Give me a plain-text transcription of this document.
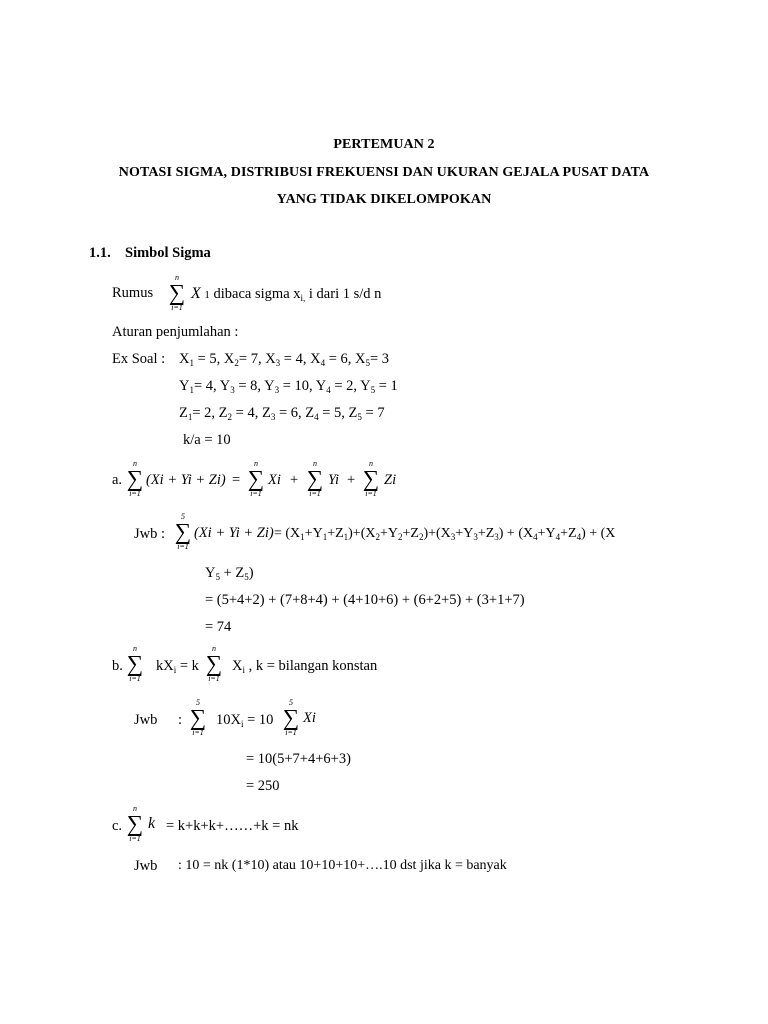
PERTEMUAN 2
NOTASI SIGMA, DISTRIBUSI FREKUENSI DAN UKURAN GEJALA PUSAT DATA
YANG TIDAK DIKELOMPOKAN
1.1. Simbol Sigma
Rumus
n
∑
i=1
X 1 dibaca sigma $x_{i,}$ i dari 1 s/d n
Aturan penjumlahan :
Ex Soal : $X_1 = 5$, $X_2= 7$, $X_3 = 4$, $X_4 = 6$, $X_5= 3$
$Y_1= 4$, $Y_3 = 8$, $Y_3 = 10$, $Y_4 = 2$, $Y_5 = 1$
$Z_1= 2$, $Z_2 = 4$, $Z_3 = 6$, $Z_4 = 5$, $Z_5 = 7$
k/a = 10
a.
n
∑
i=1
(Xi + Yi + Zi) =
n
∑
i=1
Xi +
n
∑
i=1
Yi +
n
∑
i=1
Zi
Jwb :
5
∑
i=1
$(Xi + Yi + Zi) = (X_1+Y_1+Z_1)+(X_2+Y_2+Z_2)+(X_3+Y_3+Z_3) + (X_4+Y_4+Z_4) + (X$
$Y_5 + Z_5$)
= (5+4+2) + (7+8+4) + (4+10+6) + (6+2+5) + (3+1+7)
= 74
b.
n
∑
i=1
$kX_i = k$
n
∑
i=1
$X_i$ , k = bilangan konstan
Jwb :
5
∑
i=1
$10X_i = 10$
5
∑
i=1
Xi
= 10(5+7+4+6+3)
= 250
c.
n
∑
i=1
k = k+k+k+……+k = nk
Jwb : 10 = nk (1*10) atau 10+10+10+….10 dst jika k = banyak
